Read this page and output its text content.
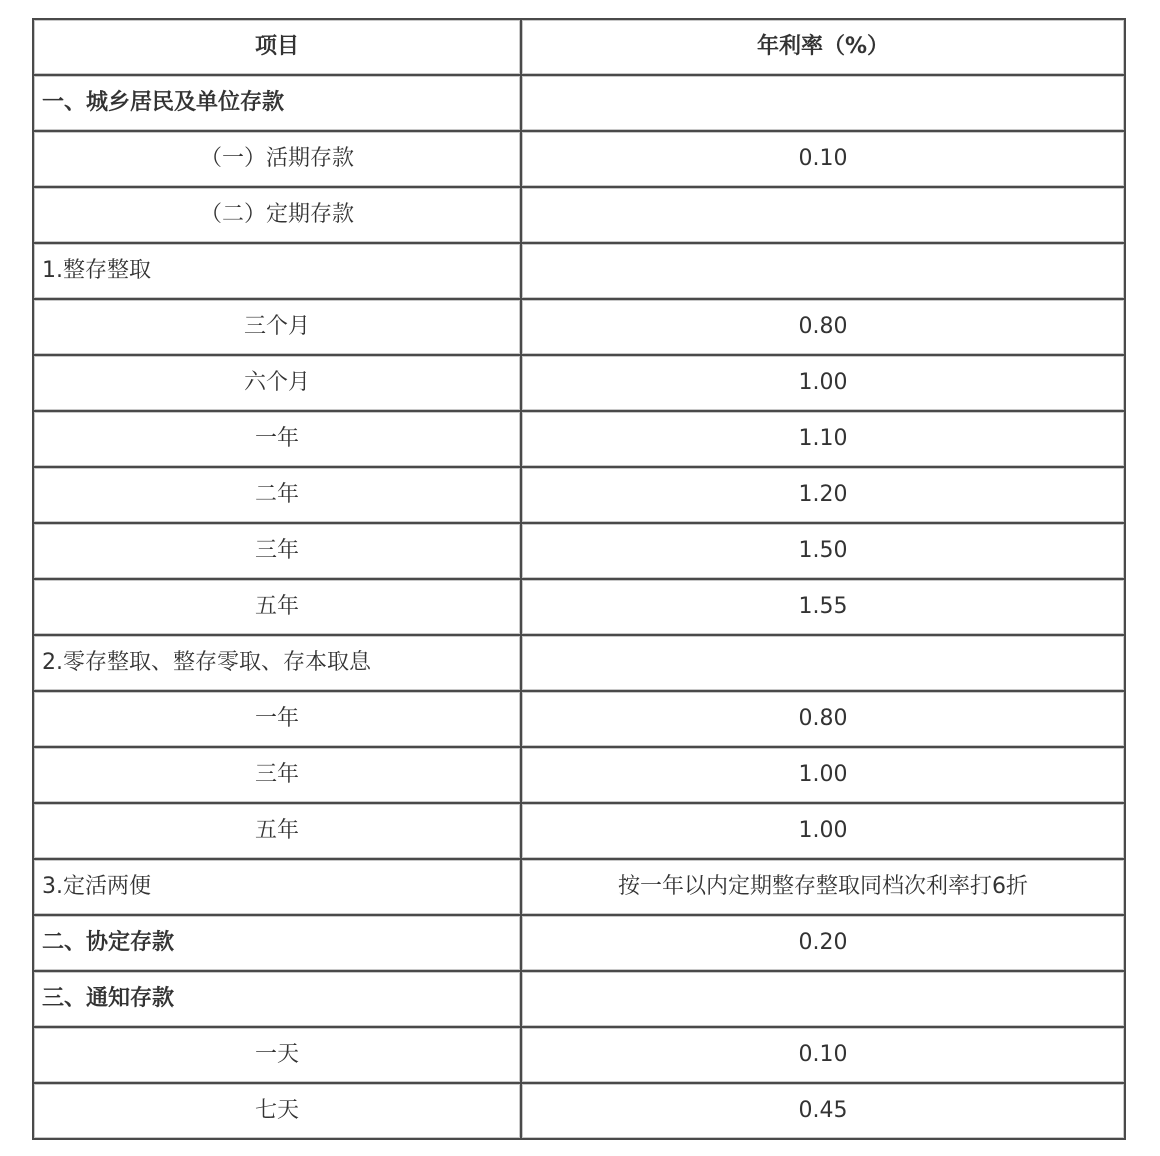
项目	年利率（%）
一、城乡居民及单位存款	
（一）活期存款	0.10
（二）定期存款	
1.整存整取	
三个月	0.80
六个月	1.00
一年	1.10
二年	1.20
三年	1.50
五年	1.55
2.零存整取、整存零取、存本取息	
一年	0.80
三年	1.00
五年	1.00
3.定活两便	按一年以内定期整存整取同档次利率打6折
二、协定存款	0.20
三、通知存款	
一天	0.10
七天	0.45
